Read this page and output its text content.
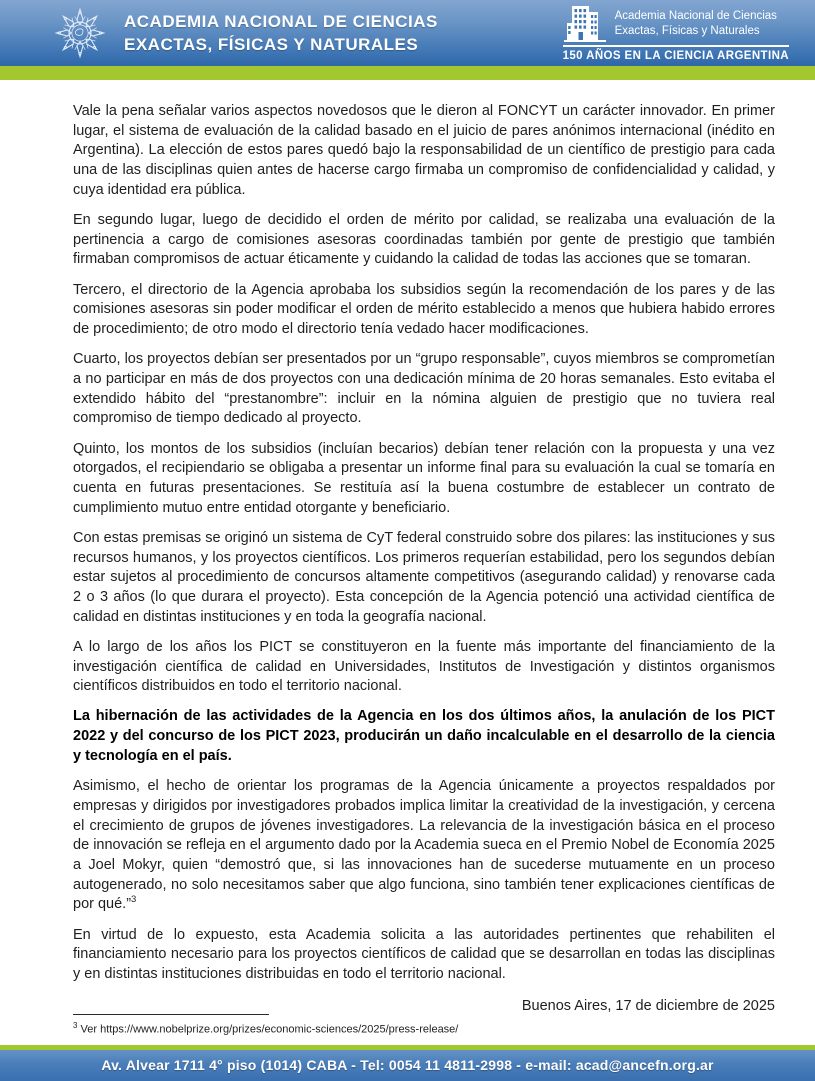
ACADEMIA NACIONAL DE CIENCIAS
EXACTAS, FÍSICAS Y NATURALES
Academia Nacional de Ciencias
Exactas, Físicas y Naturales
150 AÑOS EN LA CIENCIA ARGENTINA

Vale la pena señalar varios aspectos novedosos que le dieron al FONCYT un carácter innovador. En primer lugar, el sistema de evaluación de la calidad basado en el juicio de pares anónimos internacional (inédito en Argentina). La elección de estos pares quedó bajo la responsabilidad de un científico de prestigio para cada una de las disciplinas quien antes de hacerse cargo firmaba un compromiso de confidencialidad y calidad, y cuya identidad era pública.

En segundo lugar, luego de decidido el orden de mérito por calidad, se realizaba una evaluación de la pertinencia a cargo de comisiones asesoras coordinadas también por gente de prestigio que también firmaban compromisos de actuar éticamente y cuidando la calidad de todas las acciones que se tomaran.

Tercero, el directorio de la Agencia aprobaba los subsidios según la recomendación de los pares y de las comisiones asesoras sin poder modificar el orden de mérito establecido a menos que hubiera habido errores de procedimiento; de otro modo el directorio tenía vedado hacer modificaciones.

Cuarto, los proyectos debían ser presentados por un “grupo responsable”, cuyos miembros se comprometían a no participar en más de dos proyectos con una dedicación mínima de 20 horas semanales. Esto evitaba el extendido hábito del “prestanombre”: incluir en la nómina alguien de prestigio que no tuviera real compromiso de tiempo dedicado al proyecto.

Quinto, los montos de los subsidios (incluían becarios) debían tener relación con la propuesta y una vez otorgados, el recipiendario se obligaba a presentar un informe final para su evaluación la cual se tomaría en cuenta en futuras presentaciones. Se restituía así la buena costumbre de establecer un contrato de cumplimiento mutuo entre entidad otorgante y beneficiario.

Con estas premisas se originó un sistema de CyT federal construido sobre dos pilares: las instituciones y sus recursos humanos, y los proyectos científicos. Los primeros requerían estabilidad, pero los segundos debían estar sujetos al procedimiento de concursos altamente competitivos (asegurando calidad) y renovarse cada 2 o 3 años (lo que durara el proyecto). Esta concepción de la Agencia potenció una actividad científica de calidad en distintas instituciones y en toda la geografía nacional.

A lo largo de los años los PICT se constituyeron en la fuente más importante del financiamiento de la investigación científica de calidad en Universidades, Institutos de Investigación y distintos organismos científicos distribuidos en todo el territorio nacional.

La hibernación de las actividades de la Agencia en los dos últimos años, la anulación de los PICT 2022 y del concurso de los PICT 2023, producirán un daño incalculable en el desarrollo de la ciencia y tecnología en el país.

Asimismo, el hecho de orientar los programas de la Agencia únicamente a proyectos respaldados por empresas y dirigidos por investigadores probados implica limitar la creatividad de la investigación, y cercena el crecimiento de grupos de jóvenes investigadores. La relevancia de la investigación básica en el proceso de innovación se refleja en el argumento dado por la Academia sueca en el Premio Nobel de Economía 2025 a Joel Mokyr, quien “demostró que, si las innovaciones han de sucederse mutuamente en un proceso autogenerado, no solo necesitamos saber que algo funciona, sino también tener explicaciones científicas de por qué.”$^3$

En virtud de lo expuesto, esta Academia solicita a las autoridades pertinentes que rehabiliten el financiamiento necesario para los proyectos científicos de calidad que se desarrollan en todas las disciplinas y en distintas instituciones distribuidas en todo el territorio nacional.

Buenos Aires, 17 de diciembre de 2025
$^3$ Ver https://www.nobelprize.org/prizes/economic-sciences/2025/press-release/
Av. Alvear 1711 4° piso (1014) CABA - Tel: 0054 11 4811-2998 - e-mail: acad@ancefn.org.ar
